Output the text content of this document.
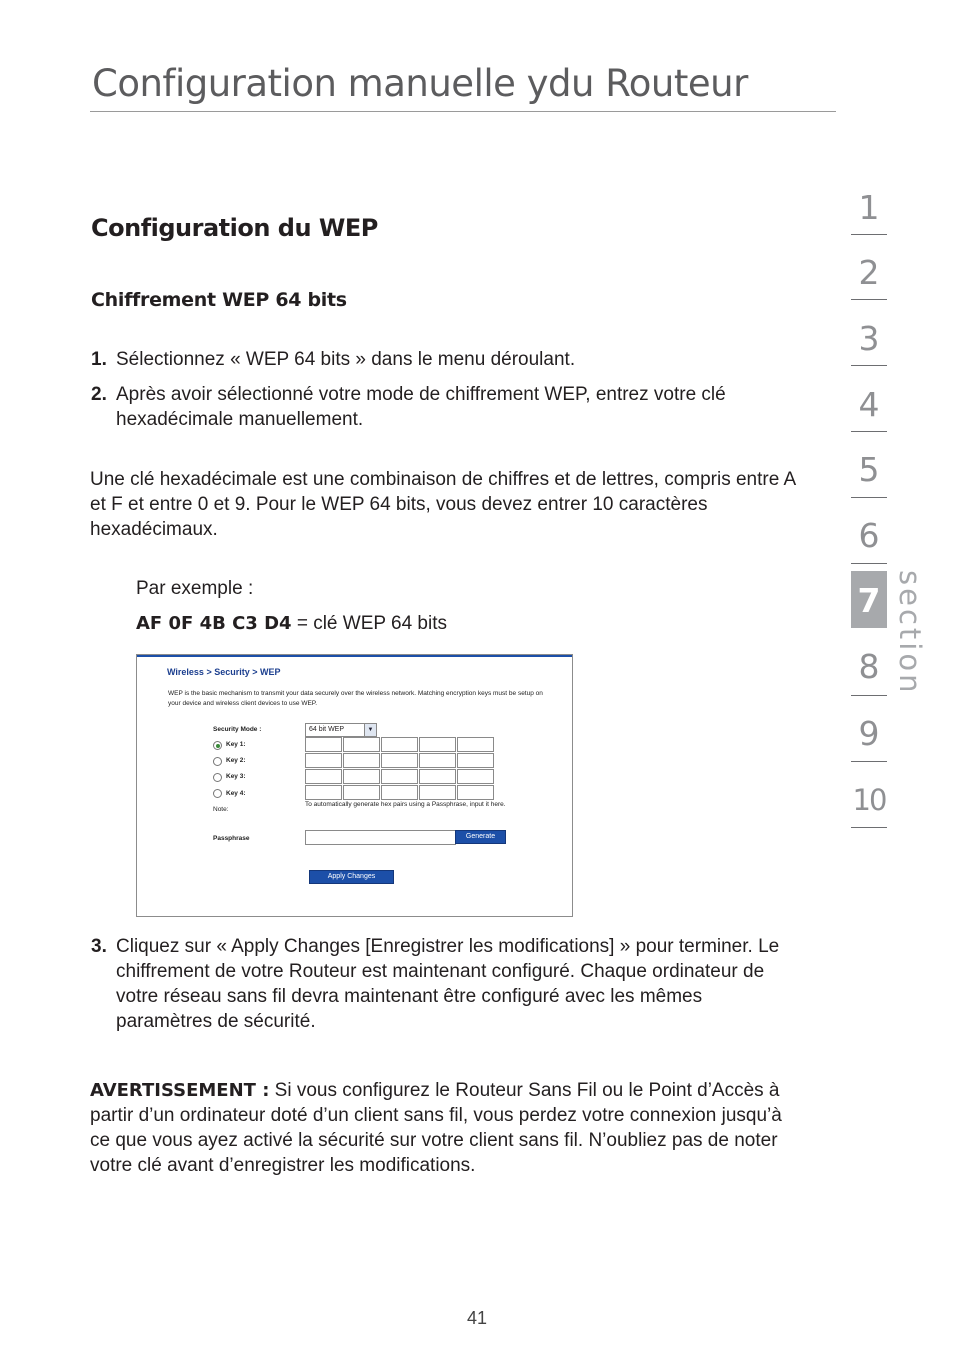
Configuration manuelle ydu Routeur
1
2
3
4
5
6
7
8
9
10
section
Configuration du WEP
Chiffrement WEP 64 bits
1. Sélectionnez « WEP 64 bits » dans le menu déroulant.
2. Après avoir sélectionné votre mode de chiffrement WEP, entrez votre clé hexadécimale manuellement.
Une clé hexadécimale est une combinaison de chiffres et de lettres, compris entre A et F et entre 0 et 9. Pour le WEP 64 bits, vous devez entrer 10 caractères hexadécimaux.
Par exemple :
AF 0F 4B C3 D4 = clé WEP 64 bits
Wireless > Security > WEP
WEP is the basic mechanism to transmit your data securely over the wireless network. Matching encryption keys must be setup on your device and wireless client devices to use WEP.
Security Mode :	64 bit WEP	▼
Key 1:
Key 2:
Key 3:
Key 4:
Note:
To automatically generate hex pairs using a Passphrase, input it here.
Passphrase	Generate
Apply Changes
3. Cliquez sur « Apply Changes [Enregistrer les modifications] » pour terminer. Le chiffrement de votre Routeur est maintenant configuré. Chaque ordinateur de votre réseau sans fil devra maintenant être configuré avec les mêmes paramètres de sécurité.
AVERTISSEMENT : Si vous configurez le Routeur Sans Fil ou le Point d’Accès à partir d’un ordinateur doté d’un client sans fil, vous perdez votre connexion jusqu’à ce que vous ayez activé la sécurité sur votre client sans fil. N’oubliez pas de noter votre clé avant d’enregistrer les modifications.
41
